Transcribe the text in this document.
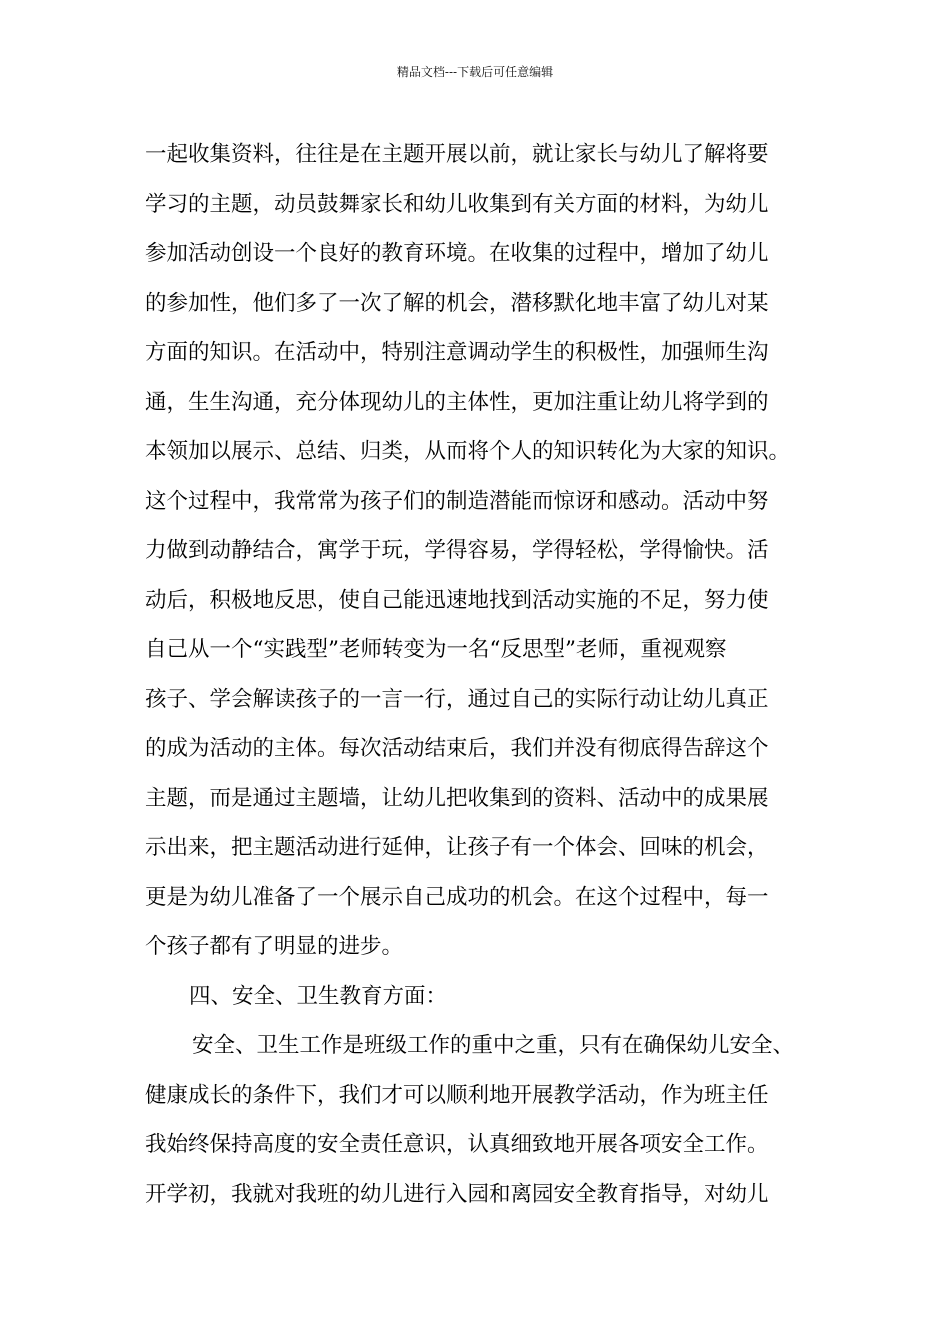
精品文档---下载后可任意编辑
一起收集资料，往往是在主题开展以前，就让家长与幼儿了解将要
学习的主题，动员鼓舞家长和幼儿收集到有关方面的材料，为幼儿
参加活动创设一个良好的教育环境。在收集的过程中，增加了幼儿
的参加性，他们多了一次了解的机会，潜移默化地丰富了幼儿对某
方面的知识。在活动中，特别注意调动学生的积极性，加强师生沟
通，生生沟通，充分体现幼儿的主体性，更加注重让幼儿将学到的
本领加以展示、总结、归类，从而将个人的知识转化为大家的知识。
这个过程中，我常常为孩子们的制造潜能而惊讶和感动。活动中努
力做到动静结合，寓学于玩，学得容易，学得轻松，学得愉快。活
动后，积极地反思，使自己能迅速地找到活动实施的不足，努力使
自己从一个“实践型”老师转变为一名“反思型”老师，重视观察
孩子、学会解读孩子的一言一行，通过自己的实际行动让幼儿真正
的成为活动的主体。每次活动结束后，我们并没有彻底得告辞这个
主题，而是通过主题墙，让幼儿把收集到的资料、活动中的成果展
示出来，把主题活动进行延伸，让孩子有一个体会、回味的机会，
更是为幼儿准备了一个展示自己成功的机会。在这个过程中，每一
个孩子都有了明显的进步。
四、安全、卫生教育方面：
安全、卫生工作是班级工作的重中之重，只有在确保幼儿安全、
健康成长的条件下，我们才可以顺利地开展教学活动，作为班主任
我始终保持高度的安全责任意识，认真细致地开展各项安全工作。
开学初，我就对我班的幼儿进行入园和离园安全教育指导，对幼儿
